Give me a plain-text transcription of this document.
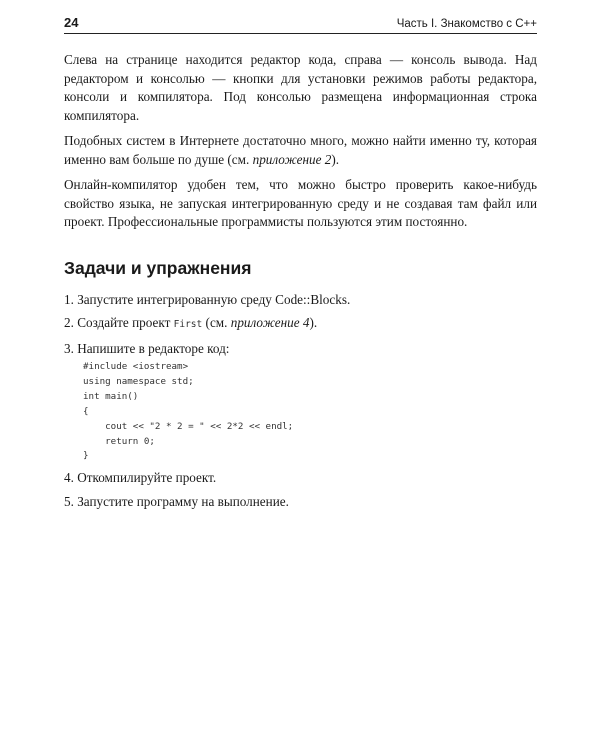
24	Часть I. Знакомство с С++

Слева на странице находится редактор кода, справа — консоль вывода. Над редактором и консолью — кнопки для установки режимов работы редактора, консоли и компилятора. Под консолью размещена информационная строка компилятора.

Подобных систем в Интернете достаточно много, можно найти именно ту, которая именно вам больше по душе (см. приложение 2).

Онлайн-компилятор удобен тем, что можно быстро проверить какое-нибудь свойство языка, не запуская интегрированную среду и не создавая там файл или проект. Профессиональные программисты пользуются этим постоянно.

Задачи и упражнения
1. Запустите интегрированную среду Code::Blocks.
2. Создайте проект First (см. приложение 4).
3. Напишите в редакторе код:
#include <iostream>
using namespace std;
int main()
{
cout << "2 * 2 = " << 2*2 << endl;
return 0;
}
4. Откомпилируйте проект.
5. Запустите программу на выполнение.
